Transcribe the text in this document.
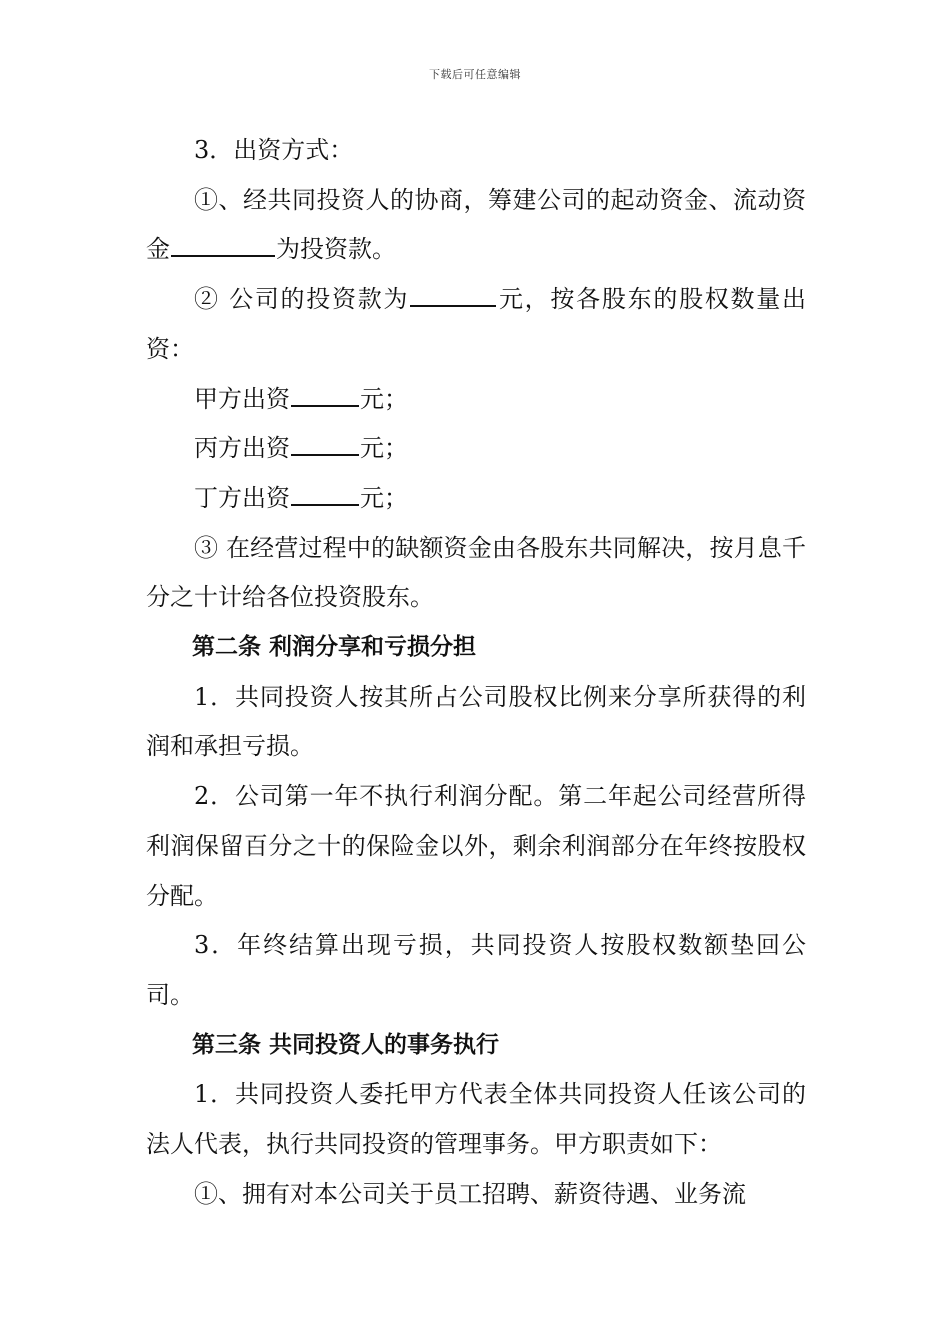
下载后可任意编辑

3．出资方式：

①、经共同投资人的协商，筹建公司的起动资金、流动资金	为投资款。

② 公司的投资款为	元，按各股东的股权数量出资：

甲方出资	元；

丙方出资	元；

丁方出资	元；

③ 在经营过程中的缺额资金由各股东共同解决，按月息千分之十计给各位投资股东。

第二条 利润分享和亏损分担

1．共同投资人按其所占公司股权比例来分享所获得的利润和承担亏损。

2．公司第一年不执行利润分配。第二年起公司经营所得利润保留百分之十的保险金以外，剩余利润部分在年终按股权分配。

3．年终结算出现亏损，共同投资人按股权数额垫回公司。

第三条 共同投资人的事务执行

1．共同投资人委托甲方代表全体共同投资人任该公司的法人代表，执行共同投资的管理事务。甲方职责如下：

①、拥有对本公司关于员工招聘、薪资待遇、业务流
